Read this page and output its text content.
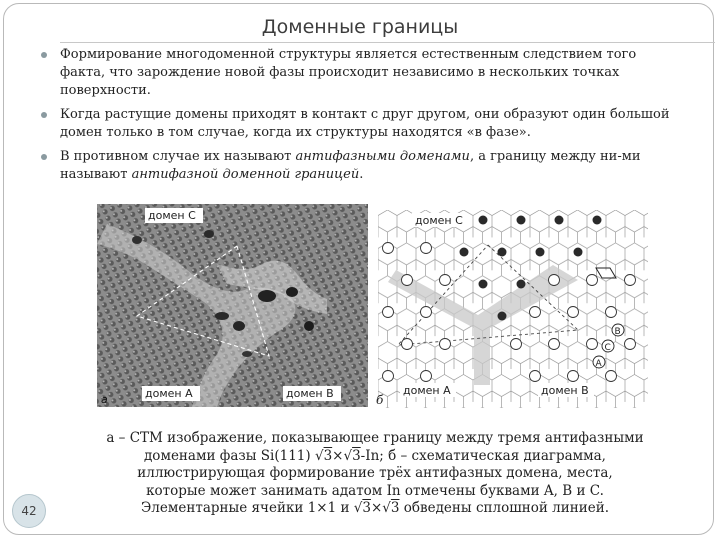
Доменные границы
Формирование многодоменной структуры является естественным следствием того факта, что зарождение новой фазы происходит независимо в нескольких точках поверхности.
Когда растущие домены приходят в контакт с друг другом, они образуют один большой домен только в том случае, когда их структуры находятся «в фазе».
В противном случае их называют антифазными доменами, а границу между ни-ми называют антифазной доменной границей.
домен C
домен A	домен B
а
B
C
A
домен C
домен A	домен B
б
а – СТМ изображение, показывающее границу между тремя антифазными
доменами фазы Si(111) √3×√3-In; б – схематическая диаграмма,
иллюстрирующая формирование трёх антифазных домена, места,
которые может занимать адатом In отмечены буквами A, B и C.
Элементарные ячейки 1×1 и √3×√3 обведены сплошной линией.
42
